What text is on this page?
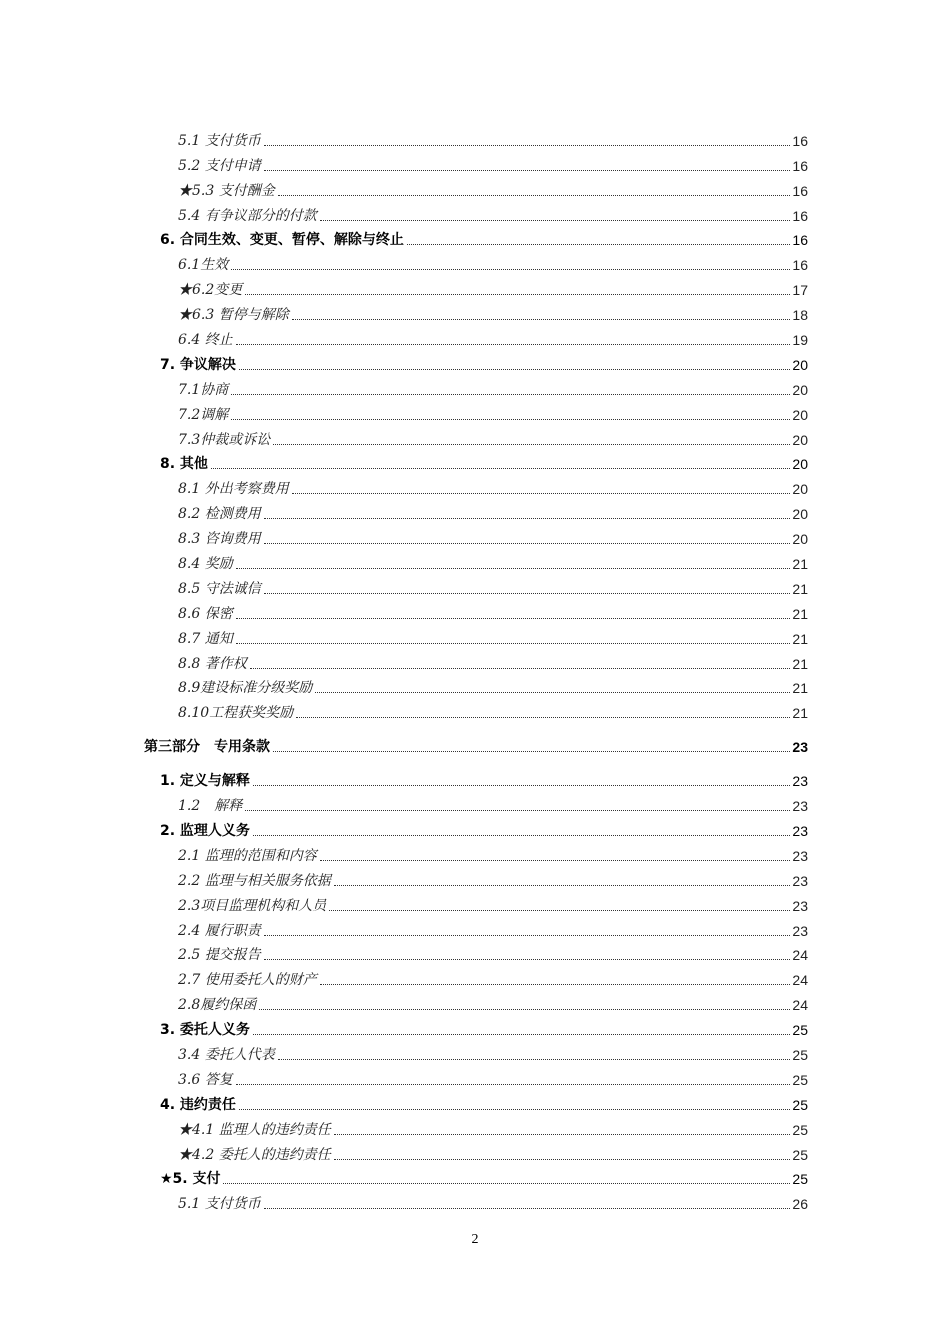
5.1 支付货币	16
5.2 支付申请	16
★5.3 支付酬金	16
5.4 有争议部分的付款	16
6. 合同生效、变更、暂停、解除与终止	16
6.1生效	16
★6.2变更	17
★6.3 暂停与解除	18
6.4 终止	19
7. 争议解决	20
7.1协商	20
7.2调解	20
7.3仲裁或诉讼	20
8. 其他	20
8.1 外出考察费用	20
8.2 检测费用	20
8.3 咨询费用	20
8.4 奖励	21
8.5 守法诚信	21
8.6 保密	21
8.7 通知	21
8.8 著作权	21
8.9建设标准分级奖励	21
8.10工程获奖奖励	21
第三部分　专用条款	23
1. 定义与解释	23
1.2　解释	23
2. 监理人义务	23
2.1 监理的范围和内容	23
2.2 监理与相关服务依据	23
2.3项目监理机构和人员	23
2.4 履行职责	23
2.5 提交报告	24
2.7 使用委托人的财产	24
2.8履约保函	24
3. 委托人义务	25
3.4 委托人代表	25
3.6 答复	25
4. 违约责任	25
★4.1 监理人的违约责任	25
★4.2 委托人的违约责任	25
★5. 支付	25
5.1 支付货币	26
2
